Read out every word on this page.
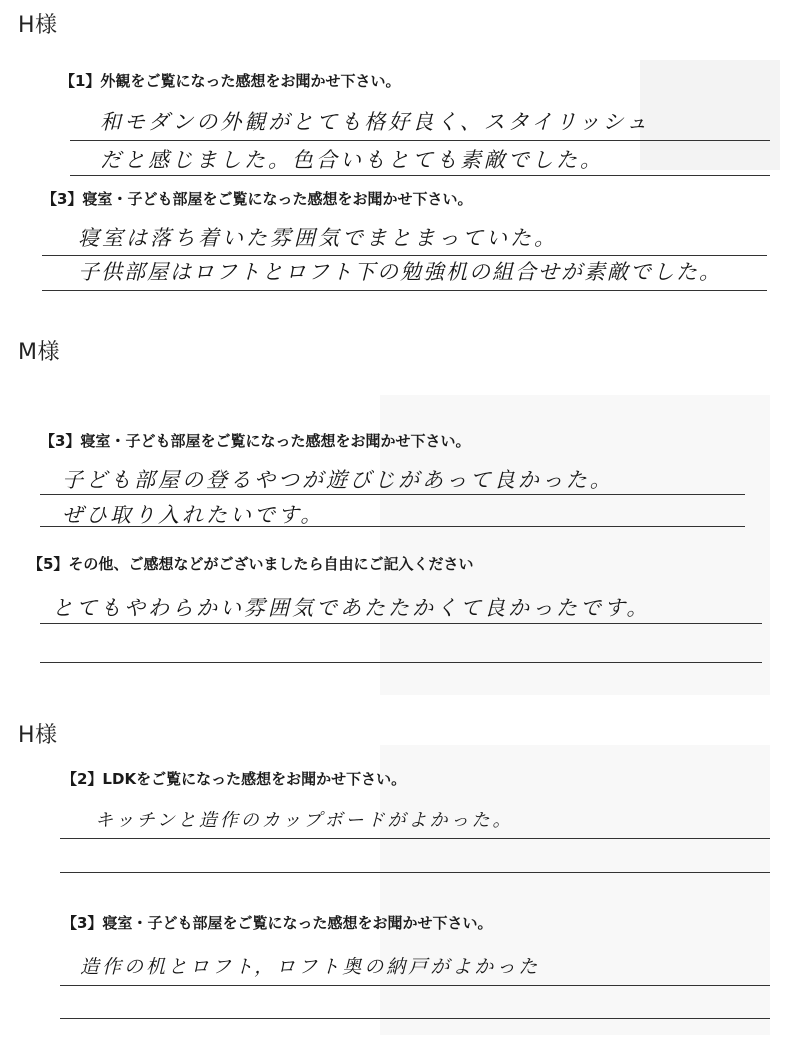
H様
【1】外観をご覧になった感想をお聞かせ下さい。
和モダンの外観がとても格好良く、スタイリッシュ
だと感じました。色合いもとても素敵でした。
【3】寝室・子ども部屋をご覧になった感想をお聞かせ下さい。
寝室は落ち着いた雰囲気でまとまっていた。
子供部屋はロフトとロフト下の勉強机の組合せが素敵でした。
M様
【3】寝室・子ども部屋をご覧になった感想をお聞かせ下さい。
子ども部屋の登るやつが遊びじがあって良かった。
ぜひ取り入れたいです。
【5】その他、ご感想などがございましたら自由にご記入ください
とてもやわらかい雰囲気であたたかくて良かったです。
H様
【2】LDKをご覧になった感想をお聞かせ下さい。
キッチンと造作のカップボードがよかった。
【3】寝室・子ども部屋をご覧になった感想をお聞かせ下さい。
造作の机とロフト，ロフト奥の納戸がよかった
